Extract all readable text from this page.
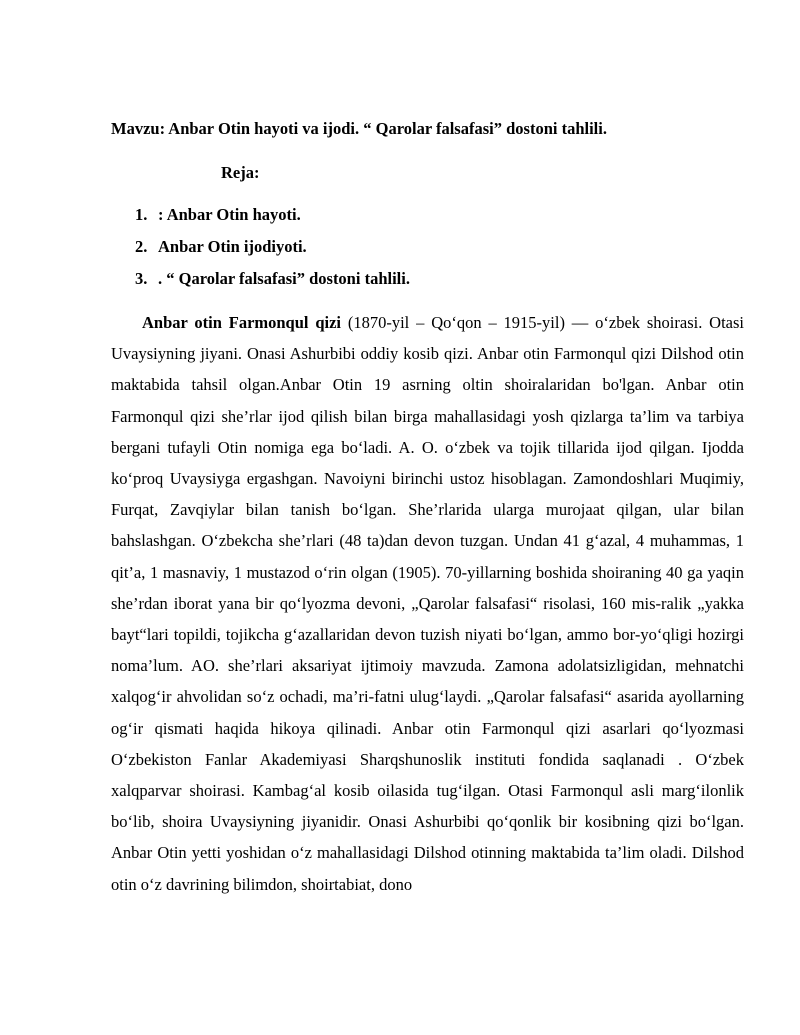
Mavzu: Anbar Otin hayoti va ijodi. “ Qarolar falsafasi” dostoni tahlili.

Reja:

1. : Anbar Otin hayoti.
2. Anbar Otin ijodiyoti.
3. . “ Qarolar falsafasi” dostoni tahlili.

Anbar otin Farmonqul qizi (1870-yil – Qoʻqon – 1915-yil) — oʻzbek shoirasi. Otasi Uvaysiyning jiyani. Onasi Ashurbibi oddiy kosib qizi. Anbar otin Farmonqul qizi Dilshod otin maktabida tahsil olgan.Anbar Otin 19 asrning oltin shoiralaridan bo'lgan. Anbar otin Farmonqul qizi she’rlar ijod qilish bilan birga mahallasidagi yosh qizlarga ta’lim va tarbiya bergani tufayli Otin nomiga ega boʻladi. A. O. oʻzbek va tojik tillarida ijod qilgan. Ijodda koʻproq Uvaysiyga ergashgan. Navoiyni birinchi ustoz hisoblagan. Zamondoshlari Muqimiy, Furqat, Zavqiylar bilan tanish boʻlgan. She’rlarida ularga murojaat qilgan, ular bilan bahslashgan. Oʻzbekcha she’rlari (48 ta)dan devon tuzgan. Undan 41 gʻazal, 4 muhammas, 1 qit’a, 1 masnaviy, 1 mustazod oʻrin olgan (1905). 70-yillarning boshida shoiraning 40 ga yaqin she’rdan iborat yana bir qoʻlyozma devoni, „Qarolar falsafasi“ risolasi, 160 mis-ralik „yakka bayt“lari topildi, tojikcha gʻazallaridan devon tuzish niyati boʻlgan, ammo bor-yoʻqligi hozirgi noma’lum. AO. she’rlari aksariyat ijtimoiy mavzuda. Zamona adolatsizligidan, mehnatchi xalqogʻir ahvolidan soʻz ochadi, ma’ri-fatni ulugʻlaydi. „Qarolar falsafasi“ asarida ayollarning ogʻir qismati haqida hikoya qilinadi. Anbar otin Farmonqul qizi asarlari qoʻlyozmasi Oʻzbekiston Fanlar Akademiyasi Sharqshunoslik instituti fondida saqlanadi . Oʻzbek xalqparvar shoirasi. Kambagʻal kosib oilasida tugʻilgan. Otasi Farmonqul asli margʻilonlik boʻlib, shoira Uvaysiyning jiyanidir. Onasi Ashurbibi qoʻqonlik bir kosibning qizi boʻlgan. Anbar Otin yetti yoshidan oʻz mahallasidagi Dilshod otinning maktabida ta’lim oladi. Dilshod otin oʻz davrining bilimdon, shoirtabiat, dono
